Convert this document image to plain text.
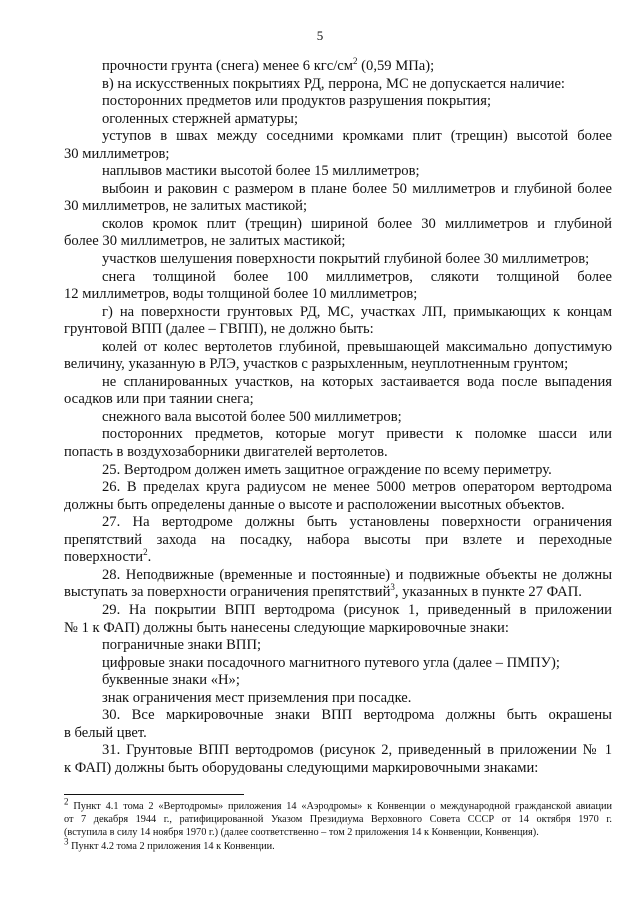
5
прочности грунта (снега) менее 6 кгс/$см^2$ (0,59 МПа);
в) на искусственных покрытиях РД, перрона, МС не допускается наличие:
посторонних предметов или продуктов разрушения покрытия;
оголенных стержней арматуры;
уступов в швах между соседними кромками плит (трещин) высотой более
30 миллиметров;
наплывов мастики высотой более 15 миллиметров;
выбоин и раковин с размером в плане более 50 миллиметров и глубиной более
30 миллиметров, не залитых мастикой;
сколов кромок плит (трещин) шириной более 30 миллиметров и глубиной
более 30 миллиметров, не залитых мастикой;
участков шелушения поверхности покрытий глубиной более 30 миллиметров;
снега толщиной более 100 миллиметров, слякоти толщиной более
12 миллиметров, воды толщиной более 10 миллиметров;
г) на поверхности грунтовых РД, МС, участках ЛП, примыкающих к концам
грунтовой ВПП (далее – ГВПП), не должно быть:
колей от колес вертолетов глубиной, превышающей максимально допустимую
величину, указанную в РЛЭ, участков с разрыхленным, неуплотненным грунтом;
не спланированных участков, на которых застаивается вода после выпадения
осадков или при таянии снега;
снежного вала высотой более 500 миллиметров;
посторонних предметов, которые могут привести к поломке шасси или
попасть в воздухозаборники двигателей вертолетов.
25. Вертодром должен иметь защитное ограждение по всему периметру.
26. В пределах круга радиусом не менее 5000 метров оператором вертодрома
должны быть определены данные о высоте и расположении высотных объектов.
27. На вертодроме должны быть установлены поверхности ограничения
препятствий захода на посадку, набора высоты при взлете и переходные
поверхности$^2$.
28. Неподвижные (временные и постоянные) и подвижные объекты не должны
выступать за поверхности ограничения препятствий$^3$, указанных в пункте 27 ФАП.
29. На покрытии ВПП вертодрома (рисунок 1, приведенный в приложении
№ 1 к ФАП) должны быть нанесены следующие маркировочные знаки:
пограничные знаки ВПП;
цифровые знаки посадочного магнитного путевого угла (далее – ПМПУ);
буквенные знаки «Н»;
знак ограничения мест приземления при посадке.
30. Все маркировочные знаки ВПП вертодрома должны быть окрашены
в белый цвет.
31. Грунтовые ВПП вертодромов (рисунок 2, приведенный в приложении № 1
к ФАП) должны быть оборудованы следующими маркировочными знаками:
$^2$ Пункт 4.1 тома 2 «Вертодромы» приложения 14 «Аэродромы» к Конвенции о международной гражданской авиации
от 7 декабря 1944 г., ратифицированной Указом Президиума Верховного Совета СССР от 14 октября 1970 г.
(вступила в силу 14 ноября 1970 г.) (далее соответственно – том 2 приложения 14 к Конвенции, Конвенция).
$^3$ Пункт 4.2 тома 2 приложения 14 к Конвенции.
